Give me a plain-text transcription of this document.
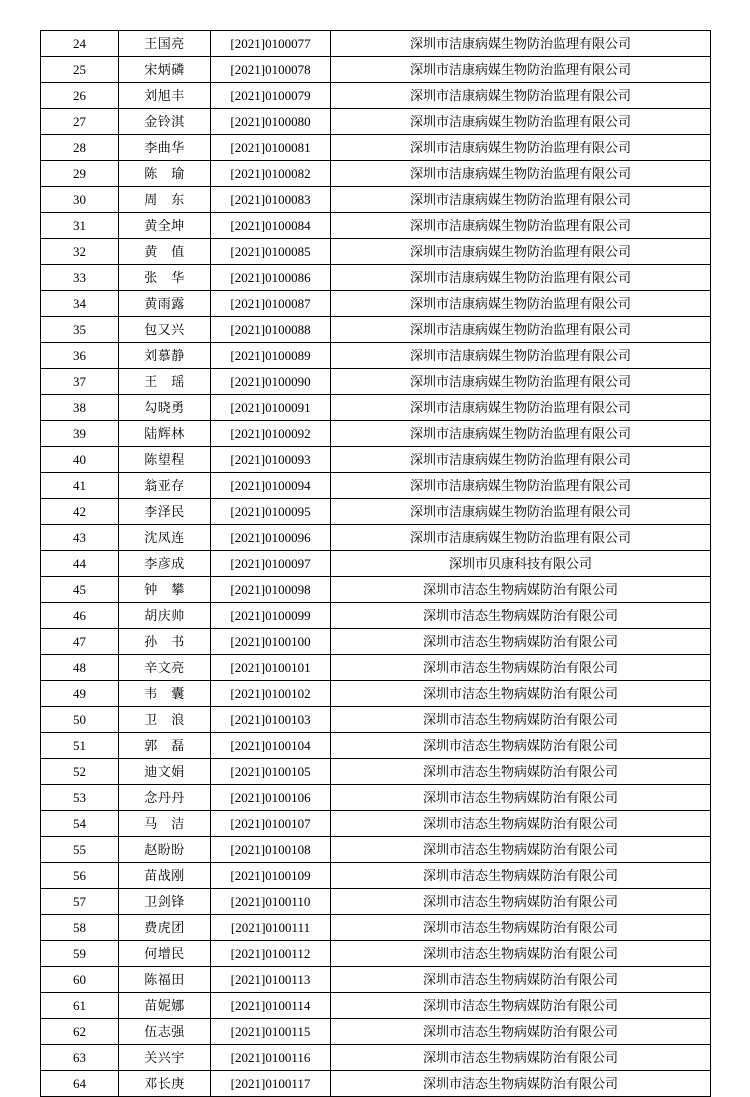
24	王国亮	[2021]0100077	深圳市洁康病媒生物防治监理有限公司
25	宋炳磷	[2021]0100078	深圳市洁康病媒生物防治监理有限公司
26	刘旭丰	[2021]0100079	深圳市洁康病媒生物防治监理有限公司
27	金铃淇	[2021]0100080	深圳市洁康病媒生物防治监理有限公司
28	李曲华	[2021]0100081	深圳市洁康病媒生物防治监理有限公司
29	陈　瑜	[2021]0100082	深圳市洁康病媒生物防治监理有限公司
30	周　东	[2021]0100083	深圳市洁康病媒生物防治监理有限公司
31	黄全坤	[2021]0100084	深圳市洁康病媒生物防治监理有限公司
32	黄　值	[2021]0100085	深圳市洁康病媒生物防治监理有限公司
33	张　华	[2021]0100086	深圳市洁康病媒生物防治监理有限公司
34	黄雨露	[2021]0100087	深圳市洁康病媒生物防治监理有限公司
35	包又兴	[2021]0100088	深圳市洁康病媒生物防治监理有限公司
36	刘慕静	[2021]0100089	深圳市洁康病媒生物防治监理有限公司
37	王　瑶	[2021]0100090	深圳市洁康病媒生物防治监理有限公司
38	勾晓勇	[2021]0100091	深圳市洁康病媒生物防治监理有限公司
39	陆辉林	[2021]0100092	深圳市洁康病媒生物防治监理有限公司
40	陈望程	[2021]0100093	深圳市洁康病媒生物防治监理有限公司
41	翁亚存	[2021]0100094	深圳市洁康病媒生物防治监理有限公司
42	李泽民	[2021]0100095	深圳市洁康病媒生物防治监理有限公司
43	沈凤连	[2021]0100096	深圳市洁康病媒生物防治监理有限公司
44	李彦成	[2021]0100097	深圳市贝康科技有限公司
45	钟　攀	[2021]0100098	深圳市洁态生物病媒防治有限公司
46	胡庆帅	[2021]0100099	深圳市洁态生物病媒防治有限公司
47	孙　书	[2021]0100100	深圳市洁态生物病媒防治有限公司
48	辛文亮	[2021]0100101	深圳市洁态生物病媒防治有限公司
49	韦　囊	[2021]0100102	深圳市洁态生物病媒防治有限公司
50	卫　浪	[2021]0100103	深圳市洁态生物病媒防治有限公司
51	郭　磊	[2021]0100104	深圳市洁态生物病媒防治有限公司
52	迪文娟	[2021]0100105	深圳市洁态生物病媒防治有限公司
53	念丹丹	[2021]0100106	深圳市洁态生物病媒防治有限公司
54	马　洁	[2021]0100107	深圳市洁态生物病媒防治有限公司
55	赵盼盼	[2021]0100108	深圳市洁态生物病媒防治有限公司
56	苗战刚	[2021]0100109	深圳市洁态生物病媒防治有限公司
57	卫剑锋	[2021]0100110	深圳市洁态生物病媒防治有限公司
58	费虎团	[2021]0100111	深圳市洁态生物病媒防治有限公司
59	何增民	[2021]0100112	深圳市洁态生物病媒防治有限公司
60	陈福田	[2021]0100113	深圳市洁态生物病媒防治有限公司
61	苗妮娜	[2021]0100114	深圳市洁态生物病媒防治有限公司
62	伍志强	[2021]0100115	深圳市洁态生物病媒防治有限公司
63	关兴宇	[2021]0100116	深圳市洁态生物病媒防治有限公司
64	邓长庚	[2021]0100117	深圳市洁态生物病媒防治有限公司
